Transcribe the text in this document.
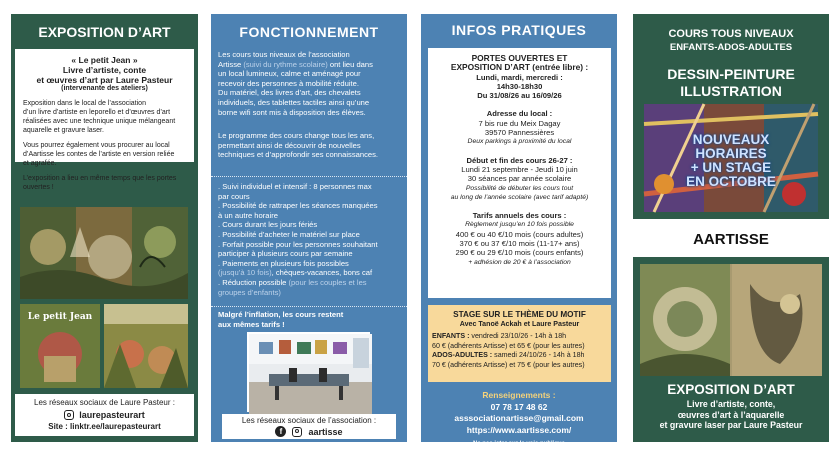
EXPOSITION D’ART
« Le petit Jean »
Livre d’artiste, conte
et œuvres d’art par Laure Pasteur
(intervenante des ateliers)

Exposition dans le local de l’association

d’un livre d’artiste en leporello et d’œuvres d’art

réalisées avec une technique unique mélangeant

aquarelle et gravure laser.

Vous pourrez également vous procurer au local

d’Aartisse les contes de l’artiste en version reliée

et agrafée.

L’exposition a lieu en même temps que les portes

ouvertes !

Le petit Jean
Les réseaux sociaux de Laure Pasteur :
laurepasteurart
Site : linktr.ee/laurepasteurart
FONCTIONNEMENT
Les cours tous niveaux de l’association
Artisse (suivi du rythme scolaire) ont lieu dans
un local lumineux, calme et aménagé pour
recevoir des personnes à mobilité réduite.
Du matériel, des livres d’art, des chevalets
individuels, des tablettes tactiles ainsi qu’une
borne wifi sont mis à disposition des élèves.
Le programme des cours change tous les ans,
permettant ainsi de découvrir de nouvelles
techniques et d’approfondir ses connaissances.
. Suivi individuel et intensif : 8 personnes max
par cours
. Possibilité de rattraper les séances manquées
à un autre horaire
. Cours durant les jours fériés
. Possibilité d’acheter le matériel sur place
. Forfait possible pour les personnes souhaitant
participer à plusieurs cours par semaine
. Paiements en plusieurs fois possibles
(jusqu’à 10 fois), chèques-vacances, bons caf
. Réduction possible (pour les couples et les
groupes d’enfants)
Malgré l’inflation, les cours restent
aux mêmes tarifs !
Les réseaux sociaux de l’association :
f	aartisse
INFOS PRATIQUES
PORTES OUVERTES ET
EXPOSITION D’ART (entrée libre) :
Lundi, mardi, mercredi :
14h30-18h30
Du 31/08/26 au 16/09/26
Adresse du local :
7 bis rue du Meix Dagay
39570 Pannessières
Deux parkings à proximité du local
Début et fin des cours 26-27 :
Lundi 21 septembre - Jeudi 10 juin
30 séances par année scolaire
Possibilité de débuter les cours tout
au long de l’année scolaire (avec tarif adapté)
Tarifs annuels des cours :
Règlement jusqu’en 10 fois possible
400 € ou 40 €/10 mois (cours adultes)
370 € ou 37 €/10 mois (11-17+ ans)
290 € ou 29 €/10 mois (cours enfants)
+ adhésion de 20 € à l’association
STAGE SUR LE THÈME DU MOTIF
Avec Tanoë Ackah et Laure Pasteur
ENFANTS : vendredi 23/10/26 - 14h à 18h
60 € (adhérents Artisse) et 65 € (pour les autres)
ADOS-ADULTES : samedi 24/10/26 - 14h à 18h
70 € (adhérents Artisse) et 75 € (pour les autres)
Renseignements :
07 78 17 48 62
asssociationartisse@gmail.com
https://www.aartisse.com/
Ne pas jeter sur la voie publique
COURS TOUS NIVEAUX
ENFANTS-ADOS-ADULTES
DESSIN-PEINTURE
ILLUSTRATION
NOUVEAUX
HORAIRES
+ UN STAGE
EN OCTOBRE
AARTISSE
EXPOSITION D’ART
Livre d’artiste, conte,
œuvres d’art à l’aquarelle
et gravure laser par Laure Pasteur
